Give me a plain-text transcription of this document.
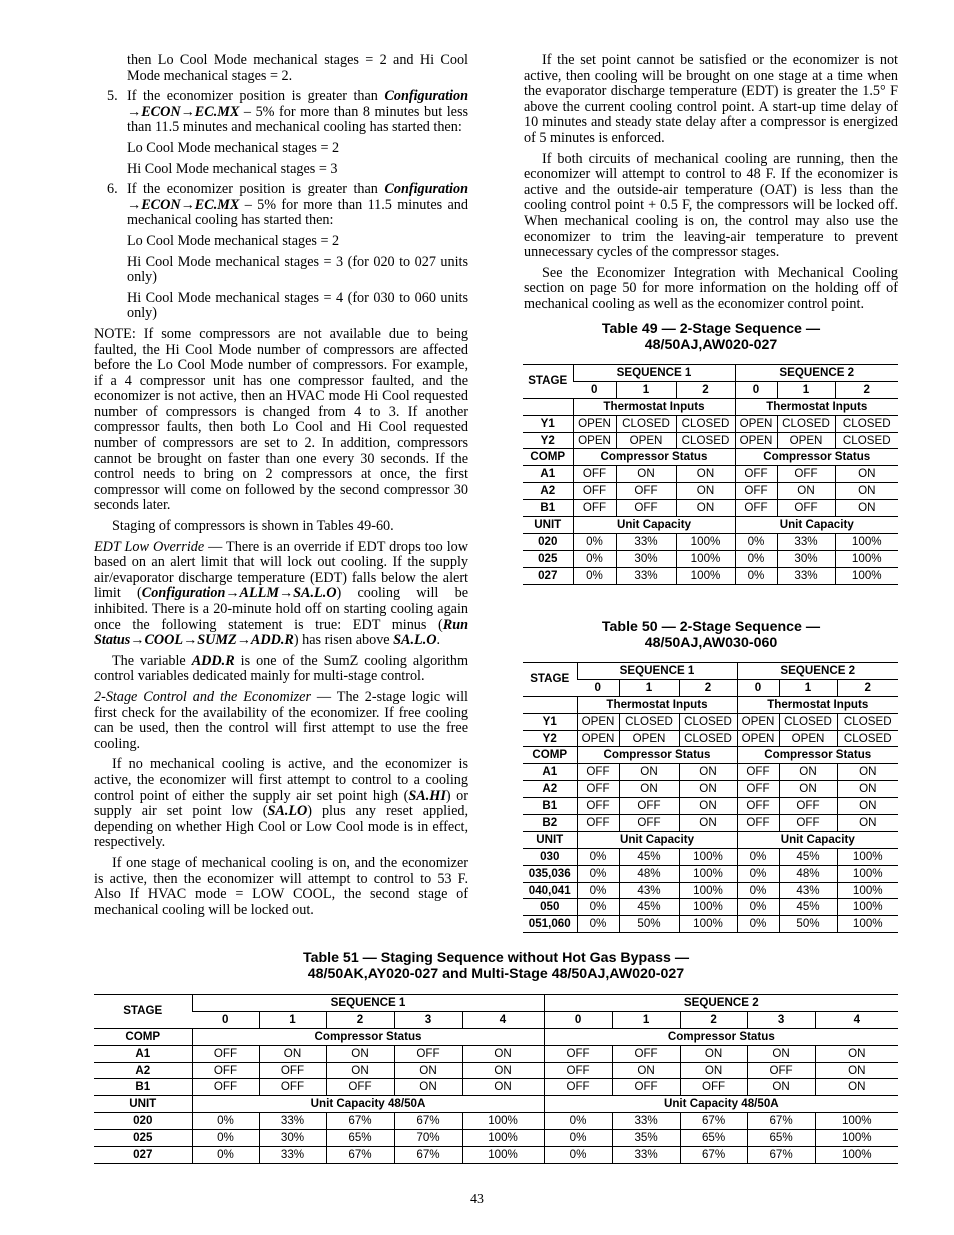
then Lo Cool Mode mechanical stages = 2 and Hi Cool Mode mechanical stages = 2.

5. If the economizer position is greater than Configuration →ECON→EC.MX – 5% for more than 8 minutes but less than 11.5 minutes and mechanical cooling has started then:

Lo Cool Mode mechanical stages = 2

Hi Cool Mode mechanical stages = 3

6. If the economizer position is greater than Configuration →ECON→EC.MX – 5% for more than 11.5 minutes and mechanical cooling has started then:

Lo Cool Mode mechanical stages = 2

Hi Cool Mode mechanical stages = 3 (for 020 to 027 units only)

Hi Cool Mode mechanical stages = 4 (for 030 to 060 units only)

NOTE: If some compressors are not available due to being faulted, the Hi Cool Mode number of compressors are affected before the Lo Cool Mode number of compressors. For example, if a 4 compressor unit has one compressor faulted, and the economizer is not active, then an HVAC mode Hi Cool requested number of compressors is changed from 4 to 3. If another compressor faults, then both Lo Cool and Hi Cool requested number of compressors are set to 2. In addition, compressors cannot be brought on faster than one every 30 seconds. If the control needs to bring on 2 compressors at once, the first compressor will come on followed by the second compressor 30 seconds later.

Staging of compressors is shown in Tables 49-60.

EDT Low Override — There is an override if EDT drops too low based on an alert limit that will lock out cooling. If the supply air/evaporator discharge temperature (EDT) falls below the alert limit (Configuration→ALLM→SA.L.O) cooling will be inhibited. There is a 20-minute hold off on starting cooling again once the following statement is true: EDT minus (Run Status→COOL→SUMZ→ADD.R) has risen above SA.L.O.

The variable ADD.R is one of the SumZ cooling algorithm control variables dedicated mainly for multi-stage control.

2-Stage Control and the Economizer — The 2-stage logic will first check for the availability of the economizer. If free cooling can be used, then the control will first attempt to use the free cooling.

If no mechanical cooling is active, and the economizer is active, the economizer will first attempt to control to a cooling control point of either the supply air set point high (SA.HI) or supply air set point low (SA.LO) plus any reset applied, depending on whether High Cool or Low Cool mode is in effect, respectively.

If one stage of mechanical cooling is on, and the economizer is active, then the economizer will attempt to control to 53 F. Also If HVAC mode = LOW COOL, the second stage of mechanical cooling will be locked out.

If the set point cannot be satisfied or the economizer is not active, then cooling will be brought on one stage at a time when the evaporator discharge temperature (EDT) is greater the 1.5° F above the current cooling control point. A start-up time delay of 10 minutes and steady state delay after a compressor is energized of 5 minutes is enforced.

If both circuits of mechanical cooling are running, then the economizer will attempt to control to 48 F. If the economizer is active and the outside-air temperature (OAT) is less than the cooling control point + 0.5 F, the compressors will be locked off. When mechanical cooling is on, the control may also use the economizer to trim the leaving-air temperature to prevent unnecessary cycles of the compressor stages.

See the Economizer Integration with Mechanical Cooling section on page 50 for more information on the holding off of mechanical cooling as well as the economizer control point.

Table 49 — 2-Stage Sequence —
48/50AJ,AW020-027
STAGE	SEQUENCE 1			SEQUENCE 2		
	0	1	2	0	1	2
	Thermostat Inputs			Thermostat Inputs		
Y1	OPEN	CLOSED	CLOSED	OPEN	CLOSED	CLOSED
Y2	OPEN	OPEN	CLOSED	OPEN	OPEN	CLOSED
COMP	Compressor Status			Compressor Status		
A1	OFF	ON	ON	OFF	OFF	ON
A2	OFF	OFF	ON	OFF	ON	ON
B1	OFF	OFF	ON	OFF	OFF	ON
UNIT	Unit Capacity			Unit Capacity		
020	0%	33%	100%	0%	33%	100%
025	0%	30%	100%	0%	30%	100%
027	0%	33%	100%	0%	33%	100%
Table 50 — 2-Stage Sequence —
48/50AJ,AW030-060
STAGE	SEQUENCE 1			SEQUENCE 2		
	0	1	2	0	1	2
	Thermostat Inputs			Thermostat Inputs		
Y1	OPEN	CLOSED	CLOSED	OPEN	CLOSED	CLOSED
Y2	OPEN	OPEN	CLOSED	OPEN	OPEN	CLOSED
COMP	Compressor Status			Compressor Status		
A1	OFF	ON	ON	OFF	ON	ON
A2	OFF	ON	ON	OFF	ON	ON
B1	OFF	OFF	ON	OFF	OFF	ON
B2	OFF	OFF	ON	OFF	OFF	ON
UNIT	Unit Capacity			Unit Capacity		
030	0%	45%	100%	0%	45%	100%
035,036	0%	48%	100%	0%	48%	100%
040,041	0%	43%	100%	0%	43%	100%
050	0%	45%	100%	0%	45%	100%
051,060	0%	50%	100%	0%	50%	100%
Table 51 — Staging Sequence without Hot Gas Bypass —
48/50AK,AY020-027 and Multi-Stage 48/50AJ,AW020-027
STAGE	SEQUENCE 1					SEQUENCE 2				
	0	1	2	3	4	0	1	2	3	4
COMP	Compressor Status					Compressor Status				
A1	OFF	ON	ON	OFF	ON	OFF	OFF	ON	ON	ON
A2	OFF	OFF	ON	ON	ON	OFF	ON	ON	OFF	ON
B1	OFF	OFF	OFF	ON	ON	OFF	OFF	OFF	ON	ON
UNIT	Unit Capacity 48/50A					Unit Capacity 48/50A				
020	0%	33%	67%	67%	100%	0%	33%	67%	67%	100%
025	0%	30%	65%	70%	100%	0%	35%	65%	65%	100%
027	0%	33%	67%	67%	100%	0%	33%	67%	67%	100%
43
